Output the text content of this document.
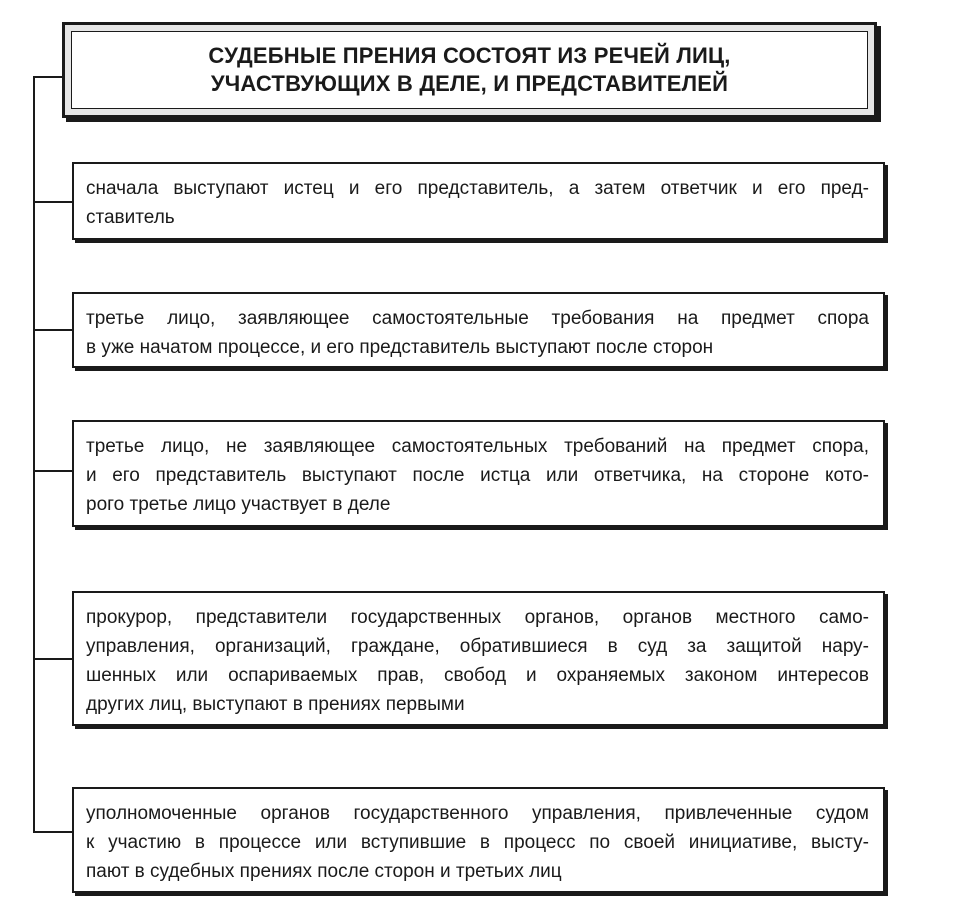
СУДЕБНЫЕ ПРЕНИЯ СОСТОЯТ ИЗ РЕЧЕЙ ЛИЦ,
УЧАСТВУЮЩИХ В ДЕЛЕ, И ПРЕДСТАВИТЕЛЕЙ
сначала выступают истец и его представитель, а затем ответчик и его пред-
ставитель
третье лицо, заявляющее самостоятельные требования на предмет спора
в уже начатом процессе, и его представитель выступают после сторон
третье лицо, не заявляющее самостоятельных требований на предмет спора,
и его представитель выступают после истца или ответчика, на стороне кото-
рого третье лицо участвует в деле
прокурор, представители государственных органов, органов местного само-
управления, организаций, граждане, обратившиеся в суд за защитой нару-
шенных или оспариваемых прав, свобод и охраняемых законом интересов
других лиц, выступают в прениях первыми
уполномоченные органов государственного управления, привлеченные судом
к участию в процессе или вступившие в процесс по своей инициативе, высту-
пают в судебных прениях после сторон и третьих лиц
